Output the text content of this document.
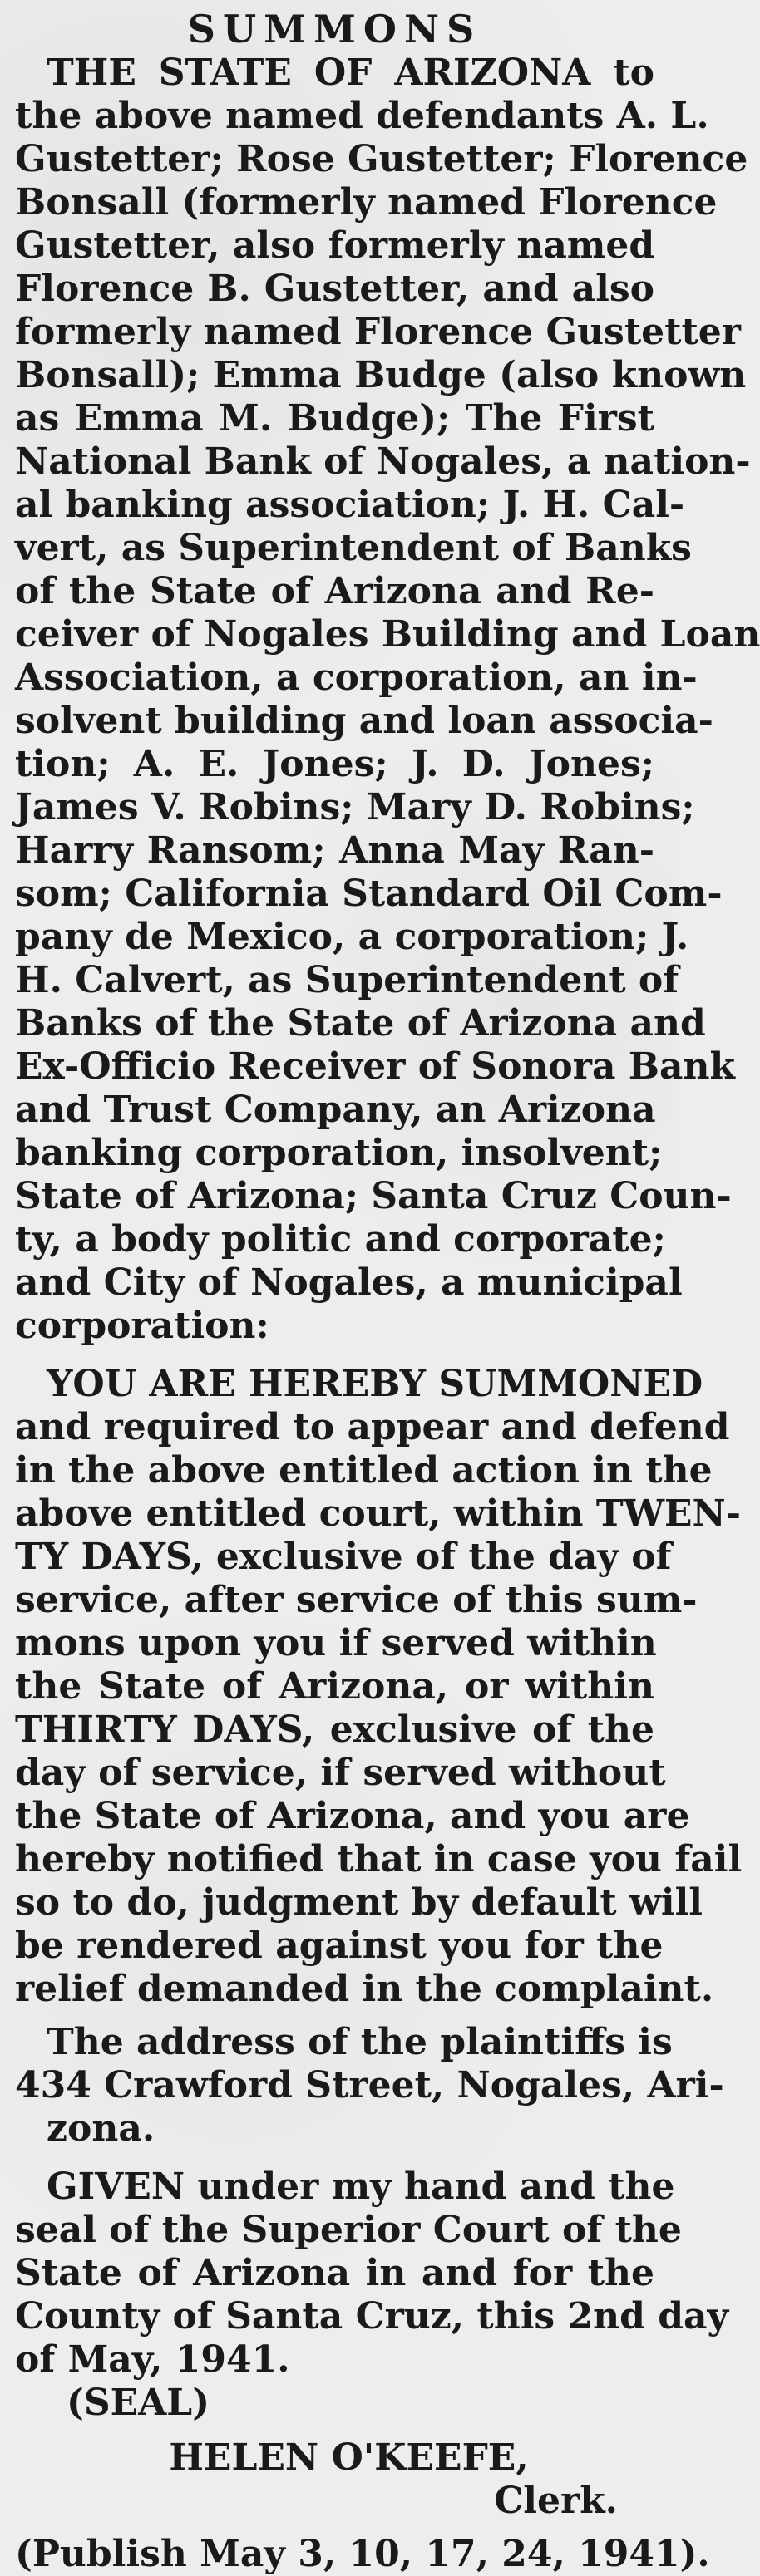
SUMMONS
THE STATE OF ARIZONA to
the above named defendants A. L.
Gustetter; Rose Gustetter; Florence
Bonsall (formerly named Florence
Gustetter, also formerly named
Florence B. Gustetter, and also
formerly named Florence Gustetter
Bonsall); Emma Budge (also known
as Emma M. Budge); The First
National Bank of Nogales, a nation-
al banking association; J. H. Cal-
vert, as Superintendent of Banks
of the State of Arizona and Re-
ceiver of Nogales Building and Loan
Association, a corporation, an in-
solvent building and loan associa-
tion; A. E. Jones; J. D. Jones;
James V. Robins; Mary D. Robins;
Harry Ransom; Anna May Ran-
som; California Standard Oil Com-
pany de Mexico, a corporation; J.
H. Calvert, as Superintendent of
Banks of the State of Arizona and
Ex-Officio Receiver of Sonora Bank
and Trust Company, an Arizona
banking corporation, insolvent;
State of Arizona; Santa Cruz Coun-
ty, a body politic and corporate;
and City of Nogales, a municipal
corporation:
YOU ARE HEREBY SUMMONED
and required to appear and defend
in the above entitled action in the
above entitled court, within TWEN-
TY DAYS, exclusive of the day of
service, after service of this sum-
mons upon you if served within
the State of Arizona, or within
THIRTY DAYS, exclusive of the
day of service, if served without
the State of Arizona, and you are
hereby notified that in case you fail
so to do, judgment by default will
be rendered against you for the
relief demanded in the complaint.
The address of the plaintiffs is
434 Crawford Street, Nogales, Ari-
zona.
GIVEN under my hand and the
seal of the Superior Court of the
State of Arizona in and for the
County of Santa Cruz, this 2nd day
of May, 1941.
(SEAL)
HELEN O'KEEFE,
Clerk.
(Publish May 3, 10, 17, 24, 1941).
